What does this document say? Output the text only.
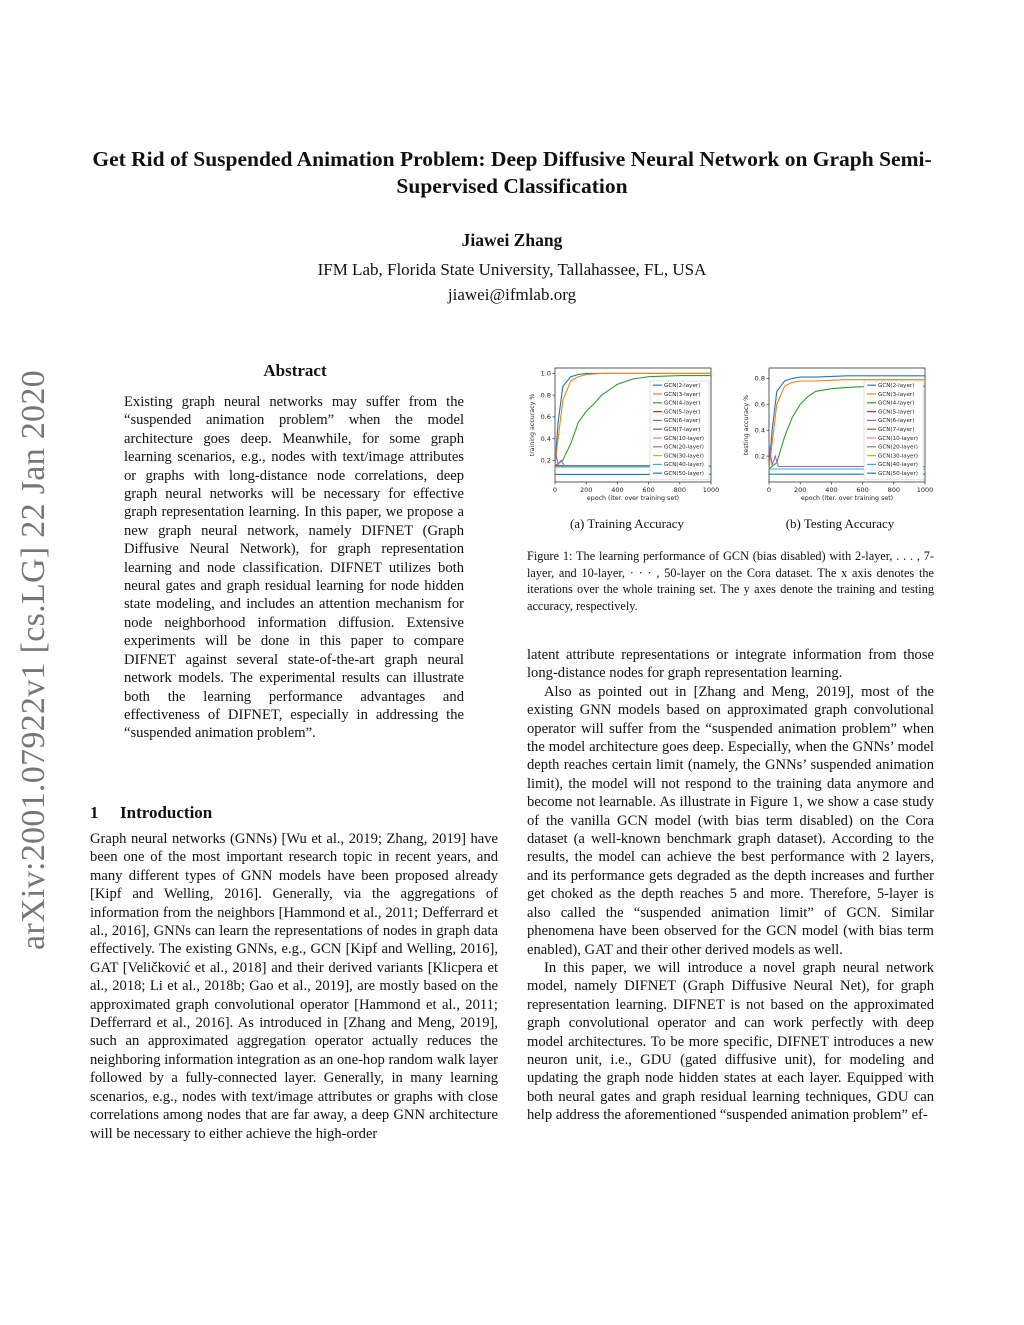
Get Rid of Suspended Animation Problem: Deep Diffusive Neural Network on Graph Semi-Supervised Classification
Jiawei Zhang
IFM Lab, Florida State University, Tallahassee, FL, USA
jiawei@ifmlab.org
arXiv:2001.07922v1 [cs.LG] 22 Jan 2020	Abstract

Existing graph neural networks may suffer from the “suspended animation problem” when the model architecture goes deep. Meanwhile, for some graph learning scenarios, e.g., nodes with text/image attributes or graphs with long-distance node correlations, deep graph neural networks will be necessary for effective graph representation learning. In this paper, we propose a new graph neural network, namely DIFNET (Graph Diffusive Neural Network), for graph representation learning and node classification. DIFNET utilizes both neural gates and graph residual learning for node hidden state modeling, and includes an attention mechanism for node neighborhood information diffusion. Extensive experiments will be done in this paper to compare DIFNET against several state-of-the-art graph neural network models. The experimental results can illustrate both the learning performance advantages and effectiveness of DIFNET, especially in addressing the “suspended animation problem”.

1 Introduction

Graph neural networks (GNNs) [Wu et al., 2019; Zhang, 2019] have been one of the most important research topic in recent years, and many different types of GNN models have been proposed already [Kipf and Welling, 2016]. Generally, via the aggregations of information from the neighbors [Hammond et al., 2011; Defferrard et al., 2016], GNNs can learn the representations of nodes in graph data effectively. The existing GNNs, e.g., GCN [Kipf and Welling, 2016], GAT [Veličković et al., 2018] and their derived variants [Klicpera et al., 2018; Li et al., 2018b; Gao et al., 2019], are mostly based on the approximated graph convolutional operator [Hammond et al., 2011; Defferrard et al., 2016]. As introduced in [Zhang and Meng, 2019], such an approximated aggregation operator actually reduces the neighboring information integration as an one-hop random walk layer followed by a fully-connected layer. Generally, in many learning scenarios, e.g., nodes with text/image attributes or graphs with close correlations among nodes that are far away, a deep GNN architecture will be necessary to either achieve the high-order

0	200	400	600	800	1000
0.2
0.4
0.6
0.8
1.0
epoch (iter. over training set)
training accuracy %
GCN(2-layer)
GCN(3-layer)
GCN(4-layer)
GCN(5-layer)
GCN(6-layer)
GCN(7-layer)
GCN(10-layer)
GCN(20-layer)
GCN(30-layer)
GCN(40-layer)
GCN(50-layer)
0	200	400	600	800	1000
0.2
0.4
0.6
0.8
epoch (iter. over training set)
testing accuracy %
GCN(2-layer)
GCN(3-layer)
GCN(4-layer)
GCN(5-layer)
GCN(6-layer)
GCN(7-layer)
GCN(10-layer)
GCN(20-layer)
GCN(30-layer)
GCN(40-layer)
GCN(50-layer)
(a) Training Accuracy	(b) Testing Accuracy
Figure 1: The learning performance of GCN (bias disabled) with 2-layer, . . . , 7-layer, and 10-layer, · · · , 50-layer on the Cora dataset. The x axis denotes the iterations over the whole training set. The y axes denote the training and testing accuracy, respectively.

latent attribute representations or integrate information from those long-distance nodes for graph representation learning.

Also as pointed out in [Zhang and Meng, 2019], most of the existing GNN models based on approximated graph convolutional operator will suffer from the “suspended animation problem” when the model architecture goes deep. Especially, when the GNNs’ model depth reaches certain limit (namely, the GNNs’ suspended animation limit), the model will not respond to the training data anymore and become not learnable. As illustrate in Figure 1, we show a case study of the vanilla GCN model (with bias term disabled) on the Cora dataset (a well-known benchmark graph dataset). According to the results, the model can achieve the best performance with 2 layers, and its performance gets degraded as the depth increases and further get choked as the depth reaches 5 and more. Therefore, 5-layer is also called the “suspended animation limit” of GCN. Similar phenomena have been observed for the GCN model (with bias term enabled), GAT and their other derived models as well.

In this paper, we will introduce a novel graph neural network model, namely DIFNET (Graph Diffusive Neural Net), for graph representation learning. DIFNET is not based on the approximated graph convolutional operator and can work perfectly with deep model architectures. To be more specific, DIFNET introduces a new neuron unit, i.e., GDU (gated diffusive unit), for modeling and updating the graph node hidden states at each layer. Equipped with both neural gates and graph residual learning techniques, GDU can help address the aforementioned “suspended animation problem” ef-
